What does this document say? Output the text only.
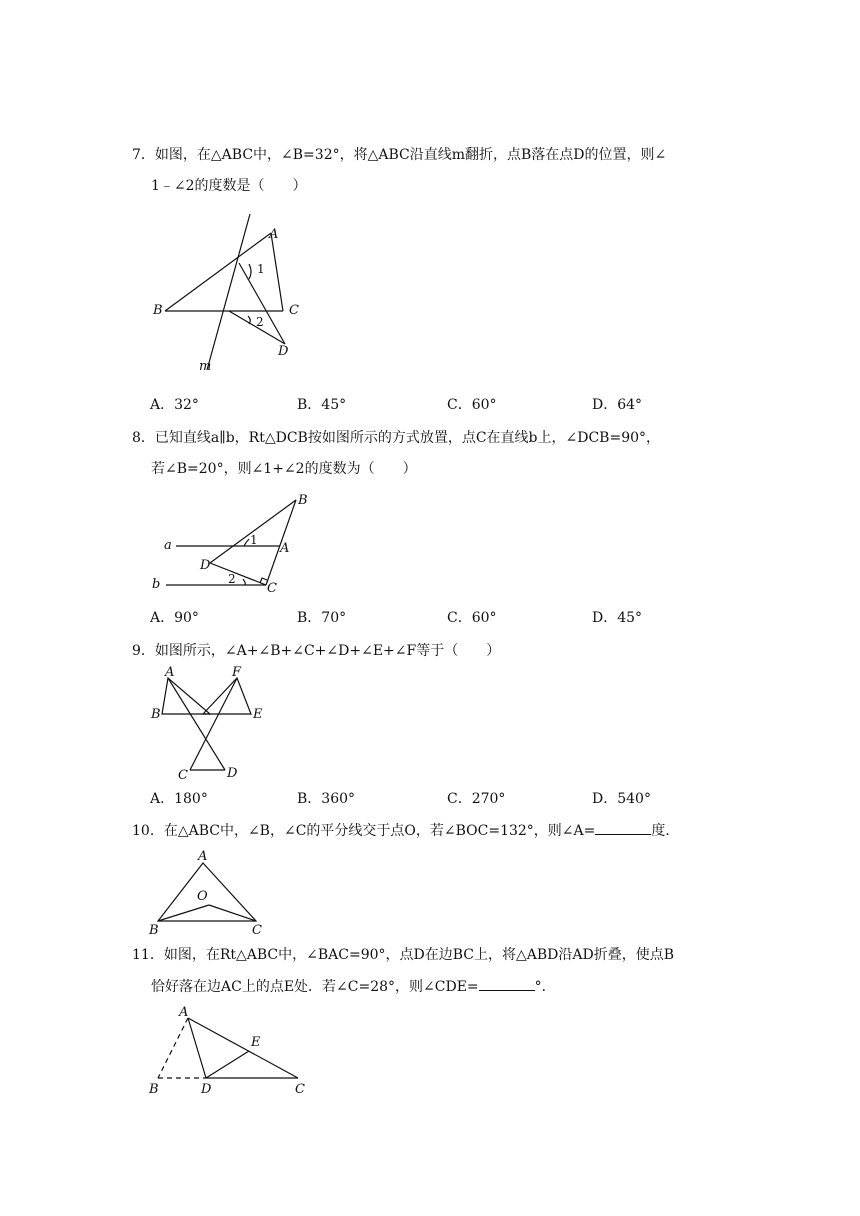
7．如图，在△ABC中，∠B=32°，将△ABC沿直线m翻折，点B落在点D的位置，则∠

1﹣∠2的度数是（　　）

A
B	C
D
m
1
2
A．32°	B．45°	C．60°	D．64°

8．已知直线a∥b，Rt△DCB按如图所示的方式放置，点C在直线b上，∠DCB=90°，

若∠B=20°，则∠1+∠2的度数为（　　）

B
a
b
A
D
C
1
2
A．90°	B．70°	C．60°	D．45°

9．如图所示，∠A+∠B+∠C+∠D+∠E+∠F等于（　　）

A
B
C	D
E
F
A．180°	B．360°	C．270°	D．540°

10．在△ABC中，∠B，∠C的平分线交于点O，若∠BOC=132°，则∠A=	度．

A
B	C
O

11．如图，在Rt△ABC中，∠BAC=90°，点D在边BC上，将△ABD沿AD折叠，使点B

恰好落在边AC上的点E处．若∠C=28°，则∠CDE=	°．

A
B	D	C
E
